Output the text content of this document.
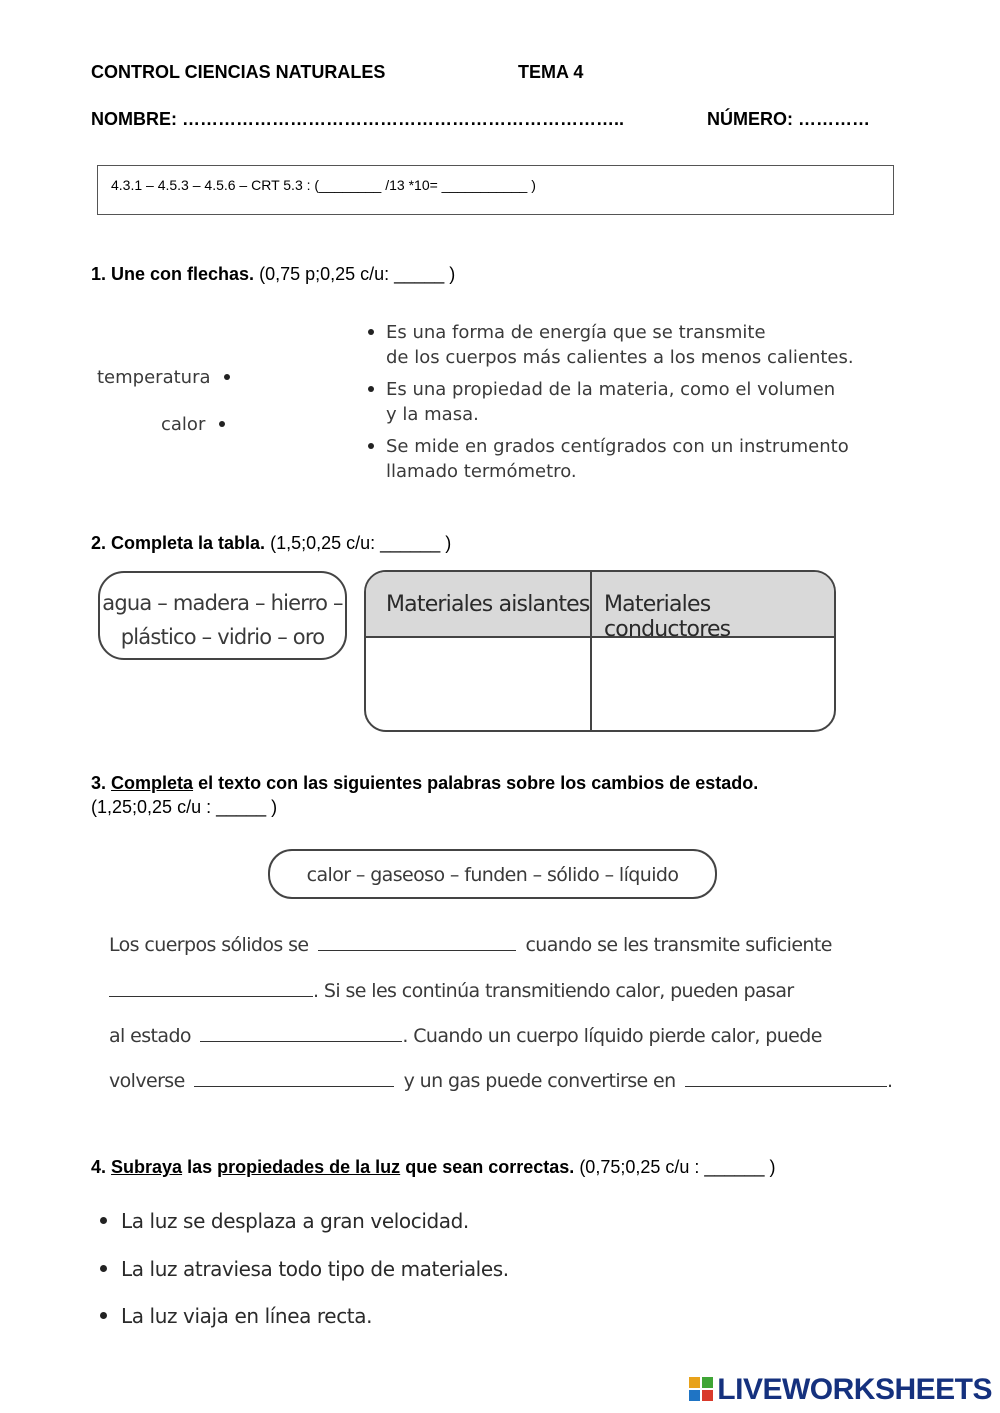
CONTROL CIENCIAS NATURALES	TEMA 4
NOMBRE: ………………………………………………………………..	NÚMERO: …………
4.3.1 – 4.5.3 – 4.5.6 – CRT 5.3 : (________ /13 *10= ___________ )
1. Une con flechas. (0,75 p;0,25 c/u: _____ )
temperatura
calor
Es una forma de energía que se transmite
de los cuerpos más calientes a los menos calientes.
Es una propiedad de la materia, como el volumen
y la masa.
Se mide en grados centígrados con un instrumento
llamado termómetro.
2. Completa la tabla. (1,5;0,25 c/u: ______ )
agua – madera – hierro –
plástico – vidrio – oro
Materiales aislantes Materiales conductores
3. Completa el texto con las siguientes palabras sobre los cambios de estado.
(1,25;0,25 c/u : _____ )
calor – gaseoso – funden – sólido – líquido
Los cuerpos sólidos se	cuando se les transmite suficiente
. Si se les continúa transmitiendo calor, pueden pasar
al estado	. Cuando un cuerpo líquido pierde calor, puede
volverse	y un gas puede convertirse en	.
4. Subraya las propiedades de la luz que sean correctas. (0,75;0,25 c/u : ______ )
La luz se desplaza a gran velocidad.
La luz atraviesa todo tipo de materiales.
La luz viaja en línea recta.
LIVEWORKSHEETS
